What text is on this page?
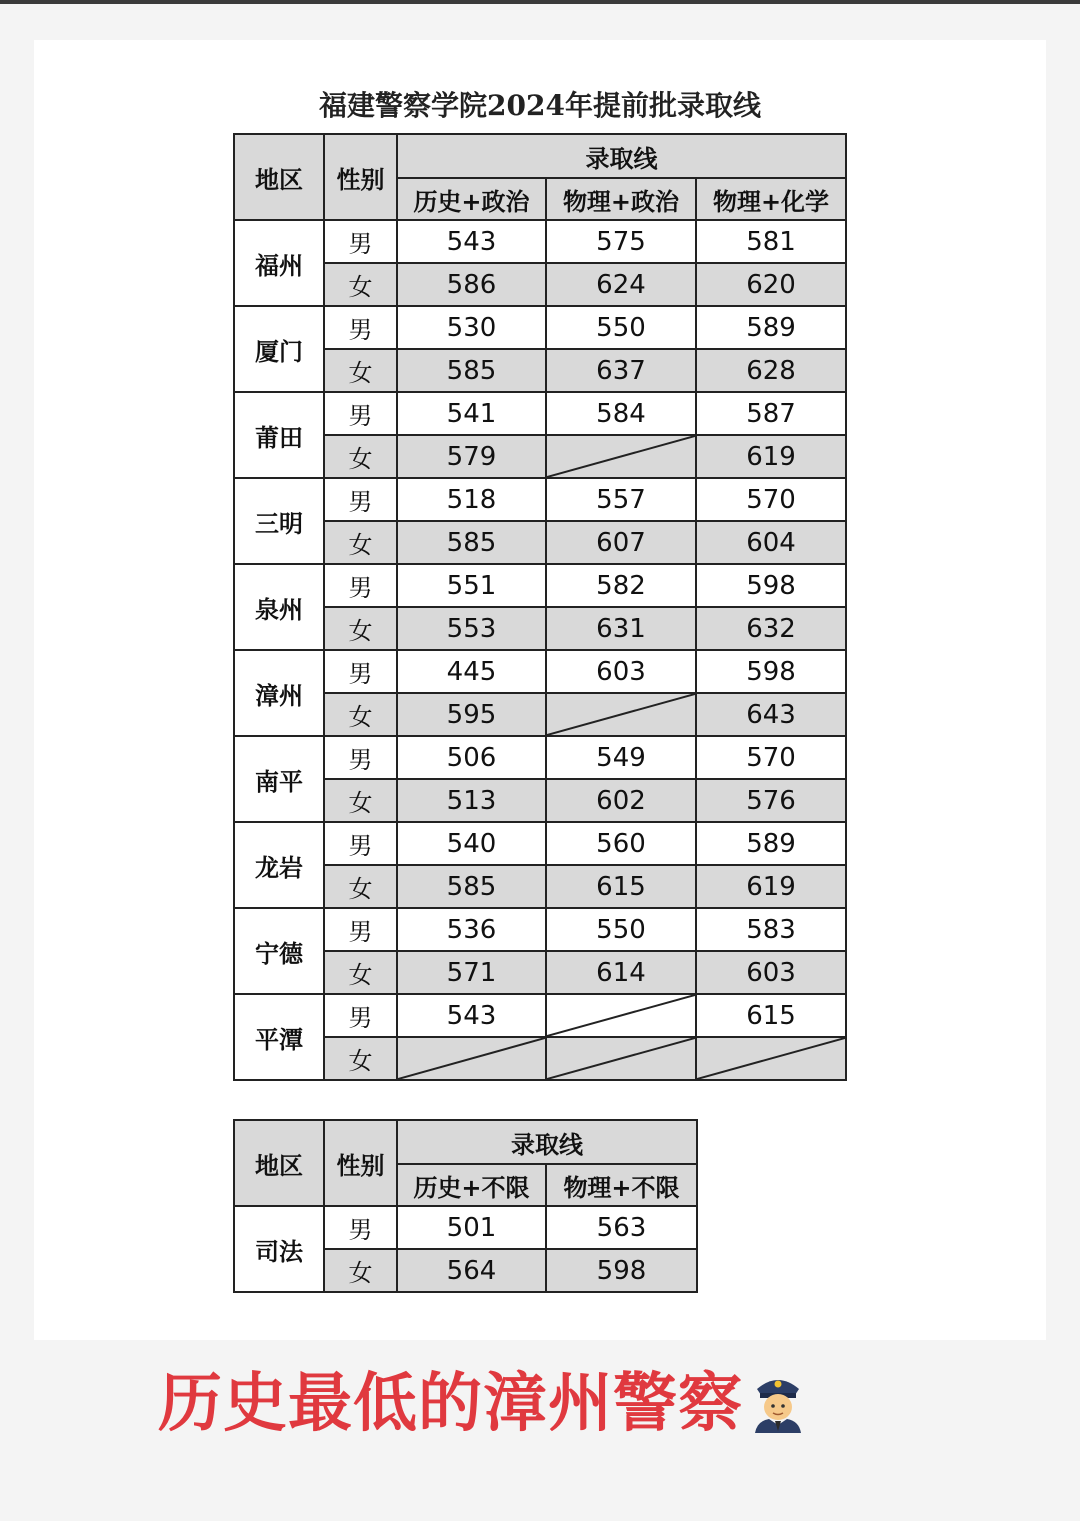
福建警察学院2024年提前批录取线
地区	性别	录取线		
		历史+政治	物理+政治	物理+化学
福州	男	543	575	581
	女	586	624	620
厦门	男	530	550	589
	女	585	637	628
莆田	男	541	584	587
	女	579		619
三明	男	518	557	570
	女	585	607	604
泉州	男	551	582	598
	女	553	631	632
漳州	男	445	603	598
	女	595		643
南平	男	506	549	570
	女	513	602	576
龙岩	男	540	560	589
	女	585	615	619
宁德	男	536	550	583
	女	571	614	603
平潭	男	543		615
	女	

地区	性别	录取线	
		历史+不限	物理+不限
司法	男	501	563
	女	564	598
历史最低的漳州警察
